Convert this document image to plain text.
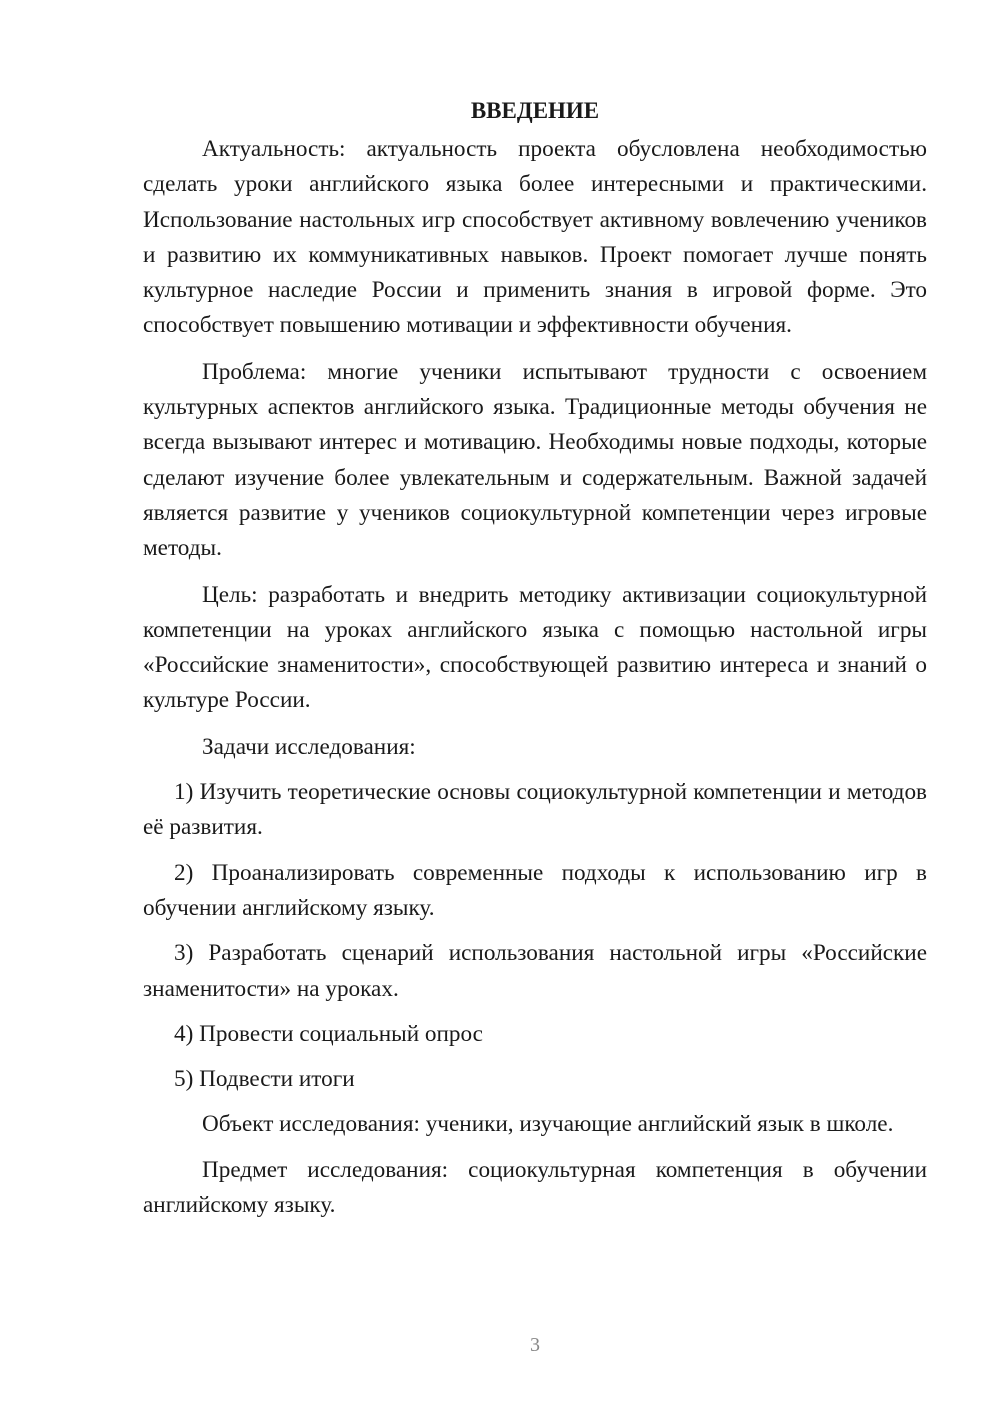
ВВЕДЕНИЕ

Актуальность: актуальность проекта обусловлена необходимостью сделать уроки английского языка более интересными и практическими. Использование настольных игр способствует активному вовлечению учеников и развитию их коммуникативных навыков. Проект помогает лучше понять культурное наследие России и применить знания в игровой форме. Это способствует повышению мотивации и эффективности обучения.

Проблема: многие ученики испытывают трудности с освоением культурных аспектов английского языка. Традиционные методы обучения не всегда вызывают интерес и мотивацию. Необходимы новые подходы, которые сделают изучение более увлекательным и содержательным. Важной задачей является развитие у учеников социокультурной компетенции через игровые методы.

Цель: разработать и внедрить методику активизации социокультурной компетенции на уроках английского языка с помощью настольной игры «Российские знаменитости», способствующей развитию интереса и знаний о культуре России.

Задачи исследования:

1) Изучить теоретические основы социокультурной компетенции и методов её развития.

2) Проанализировать современные подходы к использованию игр в обучении английскому языку.

3) Разработать сценарий использования настольной игры «Российские знаменитости» на уроках.

4) Провести социальный опрос

5) Подвести итоги

Объект исследования: ученики, изучающие английский язык в школе.

Предмет исследования: социокультурная компетенция в обучении английскому языку.

3
